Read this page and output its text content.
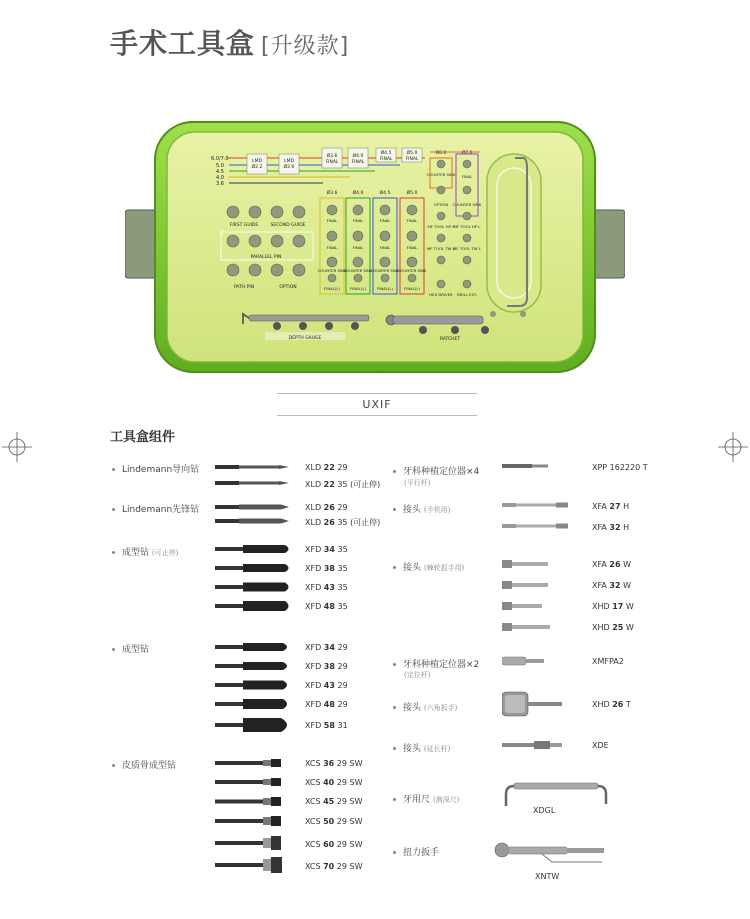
手术工具盒 [升级款]
6.0/7.0
5.0
4.5
4.0
3.6
LMD
Ø2.2
LMD
Ø2.6
Ø3.6
FINAL
Ø4.0
FINAL
Ø4.5
FINAL
Ø5.0
FINAL
Ø6.0	Ø7.0
FIRST GUIDE	SECOND GUIDE
PARALLEL PIN
PATH PIN	OPTION
Ø3.6	Ø4.0	Ø4.5	Ø5.0
FINAL	FINAL	FINAL	FINAL
FINAL	FINAL	FINAL	FINAL
COUNTER SINK
COUNTER SINK
COUNTER SINK
COUNTER SINK
FINAL(L)	FINAL(L)	FINAL(L)	FINAL(L)
COUNTER SINK FINAL
OPTION COUNTER SINK
MF TOOL HP S MF TOOL HP L
MF TOOL TW S
MF TOOL TW L
HEX DRIVER DRILL EXT.
DEPTH GAUGE	RATCHET
UXIF
工具盒组件
Lindemann导向钻	XLD 22 29
XLD 22 35 (可止停)
Lindemann先锋钻	XLD 26 29
XLD 26 35 (可止停)
成型钻 (可止停)	XFD 34 35
XFD 38 35
XFD 43 35
XFD 48 35
成型钻	XFD 34 29
XFD 38 29
XFD 43 29
XFD 48 29
XFD 58 31
皮质骨成型钻	XCS 36 29 SW
XCS 40 29 SW
XCS 45 29 SW
XCS 50 29 SW
XCS 60 29 SW
XCS 70 29 SW
牙科种植定位器×4
(平行杆)
XPP 162220 T
接头 (手机用)	XFA 27 H
XFA 32 H
接头 (棘轮扳手用)	XFA 26 W
XFA 32 W
XHD 17 W
XHD 25 W
牙科种植定位器×2
(定位杆)
XMFPA2
接头 (六角扳手)	XHD 26 T
接头 (延长杆)	XDE
牙用尺 (测深尺)
XDGL
扭力扳手
XNTW
